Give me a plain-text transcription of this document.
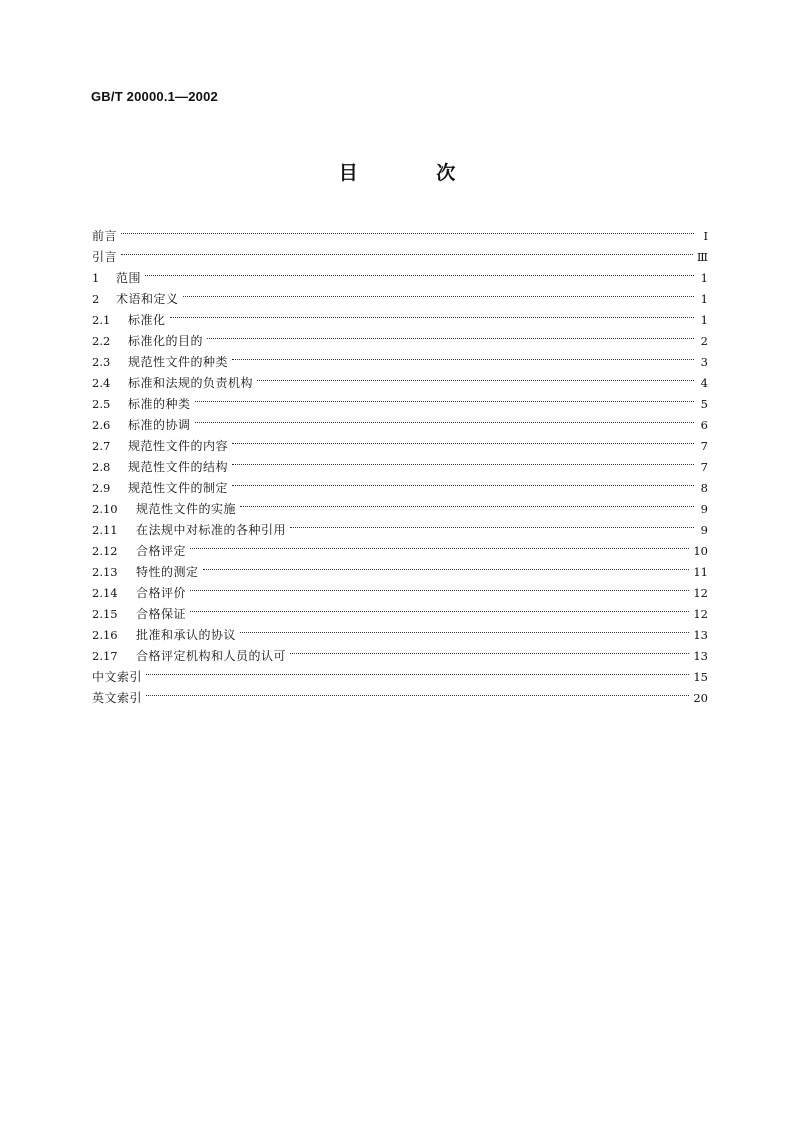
GB/T 20000.1—2002
目 次
前言	Ⅰ
引言	Ⅲ
1	范围	1
2	术语和定义	1
2.1	标准化	1
2.2	标准化的目的	2
2.3	规范性文件的种类	3
2.4	标准和法规的负责机构	4
2.5	标准的种类	5
2.6	标准的协调	6
2.7	规范性文件的内容	7
2.8	规范性文件的结构	7
2.9	规范性文件的制定	8
2.10	规范性文件的实施	9
2.11	在法规中对标准的各种引用	9
2.12	合格评定	10
2.13	特性的测定	11
2.14	合格评价	12
2.15	合格保证	12
2.16	批准和承认的协议	13
2.17	合格评定机构和人员的认可	13
中文索引	15
英文索引	20
